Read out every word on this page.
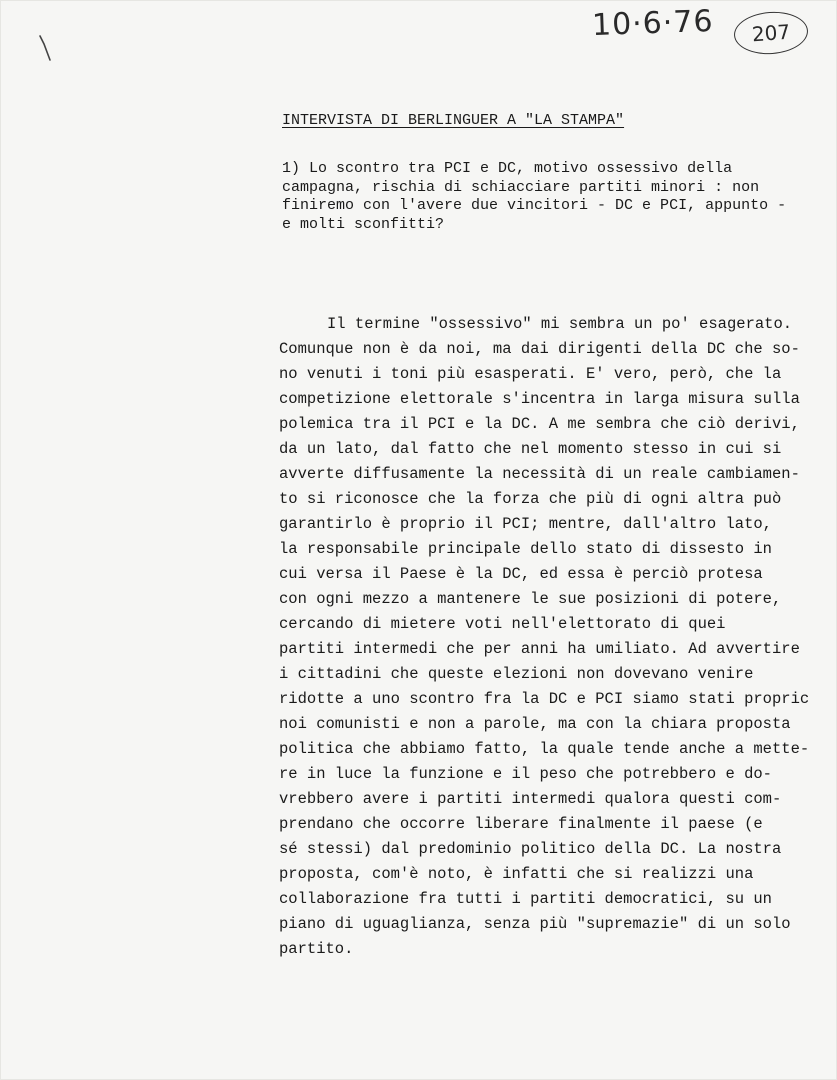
10·6·76 207
INTERVISTA DI BERLINGUER A "LA STAMPA"

1) Lo scontro tra PCI e DC, motivo ossessivo della

campagna, rischia di schiacciare partiti minori : non

finiremo con l'avere due vincitori - DC e PCI, appunto -

e molti sconfitti?

Il termine "ossessivo" mi sembra un po' esagerato.

Comunque non è da noi, ma dai dirigenti della DC che so-

no venuti i toni più esasperati. E' vero, però, che la

competizione elettorale s'incentra in larga misura sulla

polemica tra il PCI e la DC. A me sembra che ciò derivi,

da un lato, dal fatto che nel momento stesso in cui si

avverte diffusamente la necessità di un reale cambiamen-

to si riconosce che la forza che più di ogni altra può

garantirlo è proprio il PCI; mentre, dall'altro lato,

la responsabile principale dello stato di dissesto in

cui versa il Paese è la DC, ed essa è perciò protesa

con ogni mezzo a mantenere le sue posizioni di potere,

cercando di mietere voti nell'elettorato di quei

partiti intermedi che per anni ha umiliato. Ad avvertire

i cittadini che queste elezioni non dovevano venire

ridotte a uno scontro fra la DC e PCI siamo stati propric

noi comunisti e non a parole, ma con la chiara proposta

politica che abbiamo fatto, la quale tende anche a mette-

re in luce la funzione e il peso che potrebbero e do-

vrebbero avere i partiti intermedi qualora questi com-

prendano che occorre liberare finalmente il paese (e

sé stessi) dal predominio politico della DC. La nostra

proposta, com'è noto, è infatti che si realizzi una

collaborazione fra tutti i partiti democratici, su un

piano di uguaglianza, senza più "supremazie" di un solo

partito.
